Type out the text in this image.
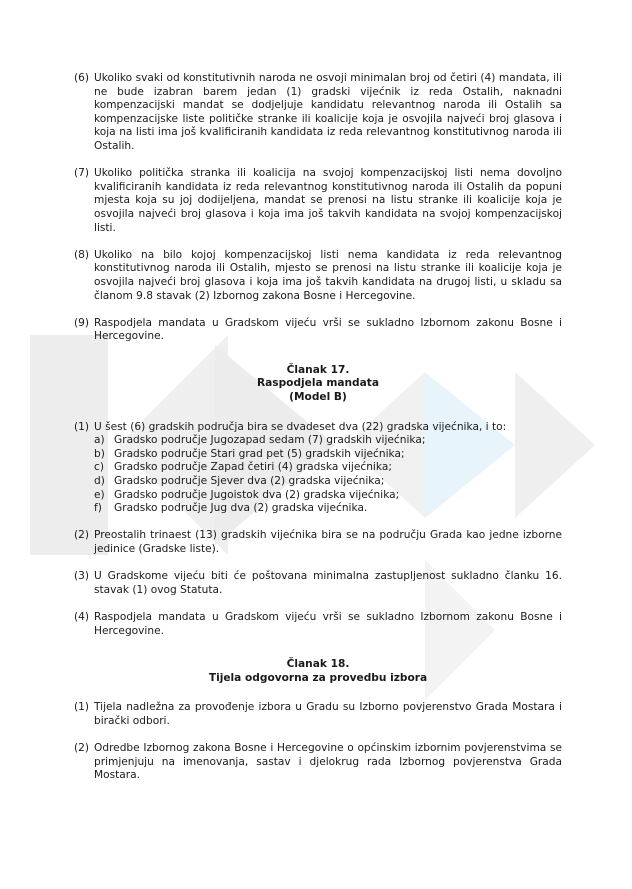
(6) Ukoliko svaki od konstitutivnih naroda ne osvoji minimalan broj od četiri (4) mandata, ili ne bude izabran barem jedan (1) gradski vijećnik iz reda Ostalih, naknadni kompenzacijski mandat se dodjeljuje kandidatu relevantnog naroda ili Ostalih sa kompenzacijske liste političke stranke ili koalicije koja je osvojila najveći broj glasova i koja na listi ima još kvalificiranih kandidata iz reda relevantnog konstitutivnog naroda ili Ostalih.
(7) Ukoliko politička stranka ili koalicija na svojoj kompenzacijskoj listi nema dovoljno kvalificiranih kandidata iz reda relevantnog konstitutivnog naroda ili Ostalih da popuni mjesta koja su joj dodijeljena, mandat se prenosi na listu stranke ili koalicije koja je osvojila najveći broj glasova i koja ima još takvih kandidata na svojoj kompenzacijskoj listi.
(8) Ukoliko na bilo kojoj kompenzacijskoj listi nema kandidata iz reda relevantnog konstitutivnog naroda ili Ostalih, mjesto se prenosi na listu stranke ili koalicije koja je osvojila najveći broj glasova i koja ima još takvih kandidata na drugoj listi, u skladu sa članom 9.8 stavak (2) Izbornog zakona Bosne i Hercegovine.
(9) Raspodjela mandata u Gradskom vijeću vrši se sukladno Izbornom zakonu Bosne i Hercegovine.
Članak 17.
Raspodjela mandata
(Model B)
(1) U šest (6) gradskih područja bira se dvadeset dva (22) gradska vijećnika, i to:
a) Gradsko područje Jugozapad sedam (7) gradskih vijećnika;
b) Gradsko područje Stari grad pet (5) gradskih vijećnika;
c) Gradsko područje Zapad četiri (4) gradska vijećnika;
d) Gradsko područje Sjever dva (2) gradska vijećnika;
e) Gradsko područje Jugoistok dva (2) gradska vijećnika;
f)	Gradsko područje Jug dva (2) gradska vijećnika.
(2) Preostalih trinaest (13) gradskih vijećnika bira se na području Grada kao jedne izborne jedinice (Gradske liste).
(3) U Gradskome vijeću biti će poštovana minimalna zastupljenost sukladno članku 16. stavak (1) ovog Statuta.
(4) Raspodjela mandata u Gradskom vijeću vrši se sukladno Izbornom zakonu Bosne i Hercegovine.
Članak 18.
Tijela odgovorna za provedbu izbora
(1) Tijela nadležna za provođenje izbora u Gradu su Izborno povjerenstvo Grada Mostara i birački odbori.
(2) Odredbe Izbornog zakona Bosne i Hercegovine o općinskim izbornim povjerenstvima se primjenjuju na imenovanja, sastav i djelokrug rada Izbornog povjerenstva Grada Mostara.
